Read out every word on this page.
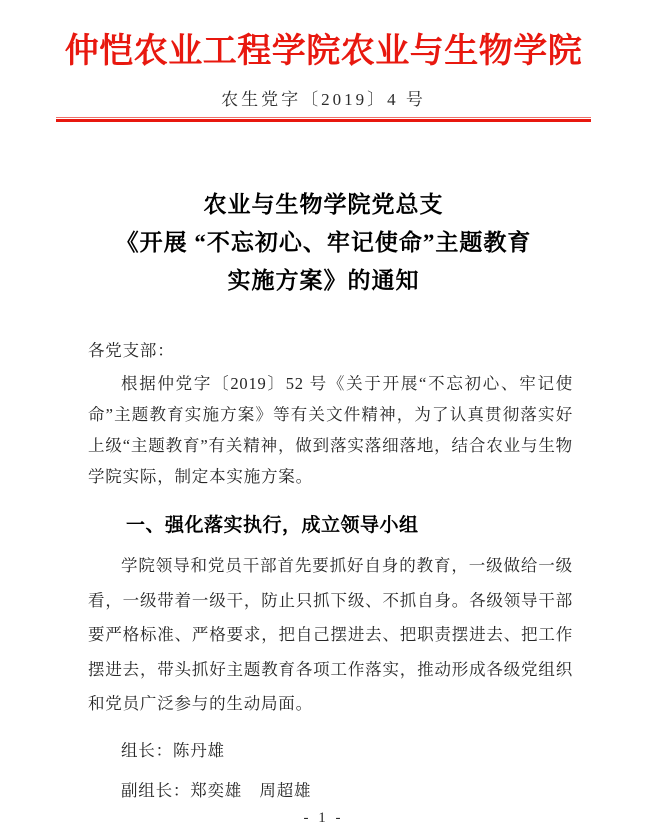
仲恺农业工程学院农业与生物学院
农生党字〔2019〕4 号
农业与生物学院党总支
《开展 “不忘初心、牢记使命”主题教育
实施方案》的通知

各党支部：

根据仲党字〔2019〕52 号《关于开展“不忘初心、牢记使命”主题教育实施方案》等有关文件精神，为了认真贯彻落实好上级“主题教育”有关精神，做到落实落细落地，结合农业与生物学院实际，制定本实施方案。

一、强化落实执行，成立领导小组

学院领导和党员干部首先要抓好自身的教育，一级做给一级看，一级带着一级干，防止只抓下级、不抓自身。各级领导干部要严格标准、严格要求，把自己摆进去、把职责摆进去、把工作摆进去，带头抓好主题教育各项工作落实，推动形成各级党组织和党员广泛参与的生动局面。

组长：陈丹雄

副组长：郑奕雄　周超雄

- 1 -
